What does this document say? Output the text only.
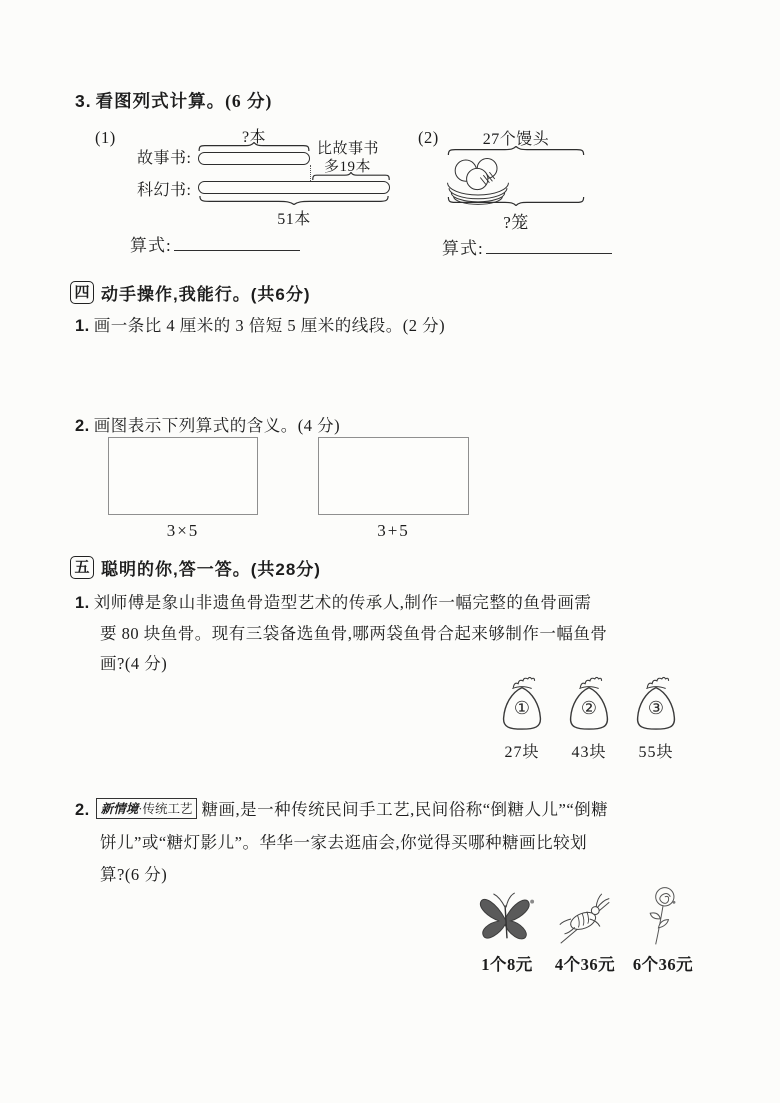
3. 看图列式计算。(6 分)
(1)	?本
故事书:
比故事书
多19本
科幻书:
51本
算式:
(2)	27个馒头
?笼
算式:
四 动手操作,我能行。(共6分)
1. 画一条比 4 厘米的 3 倍短 5 厘米的线段。(2 分)
2. 画图表示下列算式的含义。(4 分)
3×5	3+5
五 聪明的你,答一答。(共28分)
1. 刘师傅是象山非遗鱼骨造型艺术的传承人,制作一幅完整的鱼骨画需
要 80 块鱼骨。现有三袋备选鱼骨,哪两袋鱼骨合起来够制作一幅鱼骨
画?(4 分)
①
27块
②
43块
③
55块
2. 新情境·传统工艺 糖画,是一种传统民间手工艺,民间俗称“倒糖人儿”“倒糖
饼儿”或“糖灯影儿”。华华一家去逛庙会,你觉得买哪种糖画比较划
算?(6 分)
1个8元 4个36元 6个36元
